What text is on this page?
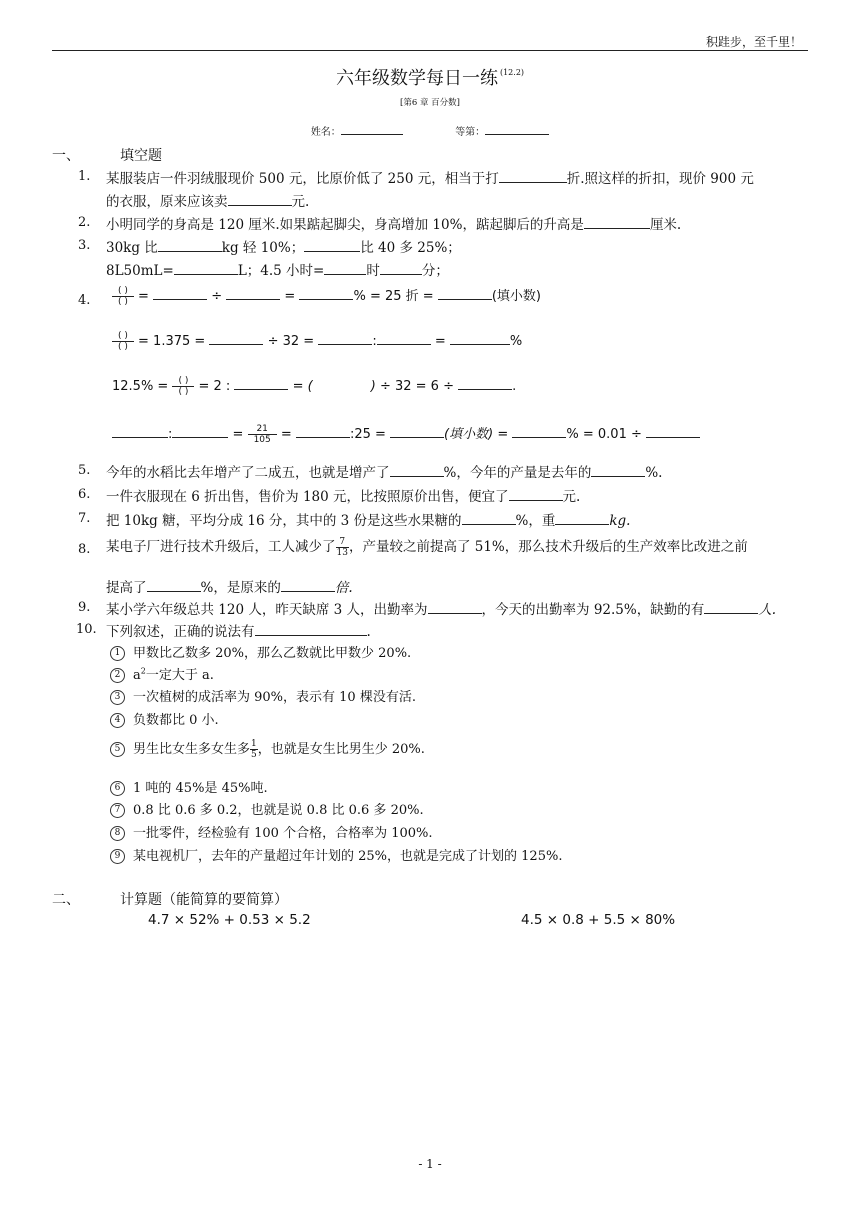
积跬步，至千里！
六年级数学每日一练 $^{(12.2)}$
[第6 章 百分数]
姓名：	等第：
一、	填空题
1.	某服装店一件羽绒服现价 500 元，比原价低了 250 元，相当于打	折.照这样的折扣，现价 900 元
的衣服，原来应该卖	元.
2.	小明同学的身高是 120 厘米.如果踮起脚尖，身高增加 10%，踮起脚后的升高是	厘米.
3.	30kg 比	kg 轻 10%；	比 40 多 25%；
8L50mL=	L；4.5 小时=	时	分；
4.	$\frac{( )}{( )}$ =	÷	=	% = 25 折 =	(填小数)
$\frac{( )}{( )} = 1.375$ =	÷ 32 =	:	=	%
$12.5\% = \frac{( )}{( )} = 2$ :	= (	) ÷ 32 = 6 ÷	.
:	= $\frac{21}{105}$ =	:25 =	(填小数) =	% = 0.01 ÷
5.	今年的水稻比去年增产了二成五，也就是增产了	%，今年的产量是去年的	%.
6.	一件衣服现在 6 折出售，售价为 180 元，比按照原价出售，便宜了	元.
7.	把 10kg 糖，平均分成 16 分，其中的 3 份是这些水果糖的	%，重	kg.
8.	某电子厂进行技术升级后，工人减少了 $\frac{7}{13}$ ，产量较之前提高了 51%，那么技术升级后的生产效率比改进之前
提高了	%，是原来的	倍.
9.	某小学六年级总共 120 人，昨天缺席 3 人，出勤率为	，今天的出勤率为 92.5%，缺勤的有	人.
10. 下列叙述，正确的说法有	.
1 甲数比乙数多 20%，那么乙数就比甲数少 20%.
2 $a^2$一定大于 a.
3 一次植树的成活率为 90%，表示有 10 棵没有活.
4 负数都比 0 小.
5 男生比女生多女生多 $\frac{1}{5}$ ，也就是女生比男生少 20%.
6 1 吨的 45%是 45%吨.
7 0.8 比 0.6 多 0.2，也就是说 0.8 比 0.6 多 20%.
8 一批零件，经检验有 100 个合格，合格率为 100%.
9 某电视机厂，去年的产量超过年计划的 25%，也就是完成了计划的 125%.
二、	计算题（能简算的要简算）
4.7 × 52% + 0.53 × 5.2	4.5 × 0.8 + 5.5 × 80%
- 1 -
